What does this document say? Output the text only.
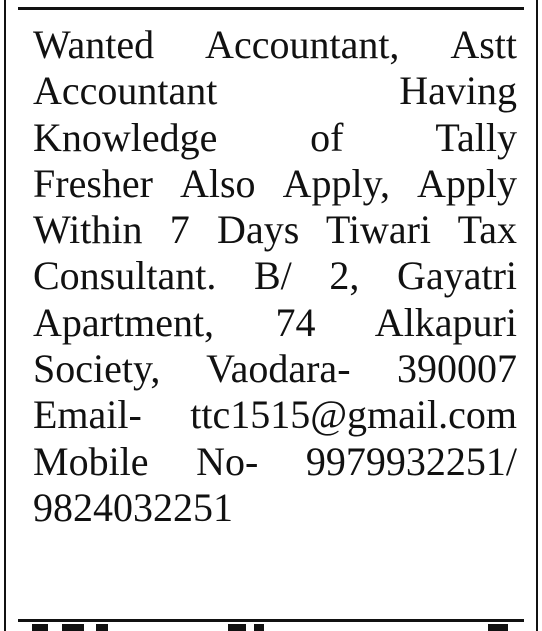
Wanted Accountant, Astt
Accountant Having
Knowledge of Tally
Fresher Also Apply, Apply
Within 7 Days Tiwari Tax
Consultant. B/ 2, Gayatri
Apartment, 74 Alkapuri
Society, Vaodara- 390007
Email- ttc1515@gmail.com
Mobile No- 9979932251/
9824032251
